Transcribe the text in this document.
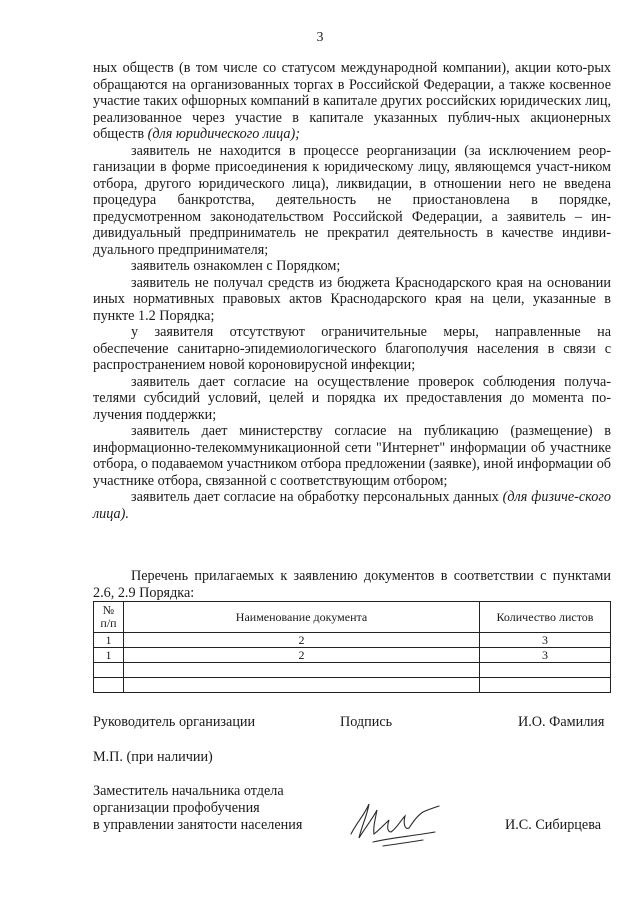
3

ных обществ (в том числе со статусом международной компании), акции кото-рых обращаются на организованных торгах в Российской Федерации, а также косвенное участие таких офшорных компаний в капитале других российских юридических лиц, реализованное через участие в капитале указанных публич-ных акционерных обществ (для юридического лица);

заявитель не находится в процессе реорганизации (за исключением реор-ганизации в форме присоединения к юридическому лицу, являющемся участ-ником отбора, другого юридического лица), ликвидации, в отношении него не введена процедура банкротства, деятельность не приостановлена в порядке, предусмотренном законодательством Российской Федерации, а заявитель – ин-дивидуальный предприниматель не прекратил деятельность в качестве индиви-дуального предпринимателя;

заявитель ознакомлен с Порядком;

заявитель не получал средств из бюджета Краснодарского края на основании иных нормативных правовых актов Краснодарского края на цели, указанные в пункте 1.2 Порядка;

у заявителя отсутствуют ограничительные меры, направленные на обеспечение санитарно-эпидемиологического благополучия населения в связи с распространением новой короновирусной инфекции;

заявитель дает согласие на осуществление проверок соблюдения получа-телями субсидий условий, целей и порядка их предоставления до момента по-лучения поддержки;

заявитель дает министерству согласие на публикацию (размещение) в информационно-телекоммуникационной сети "Интернет" информации об участнике отбора, о подаваемом участником отбора предложении (заявке), иной информации об участнике отбора, связанной с соответствующим отбором;

заявитель дает согласие на обработку персональных данных (для физиче-ского лица).

Перечень прилагаемых к заявлению документов в соответствии с пунктами 2.6, 2.9 Порядка:
№ п/п	Наименование документа	Количество листов
1	2	3
1	2	3

Руководитель организации	Подпись	И.О. Фамилия
М.П. (при наличии)
Заместитель начальника отдела
организации профобучения
в управлении занятости населения	И.С. Сибирцева
